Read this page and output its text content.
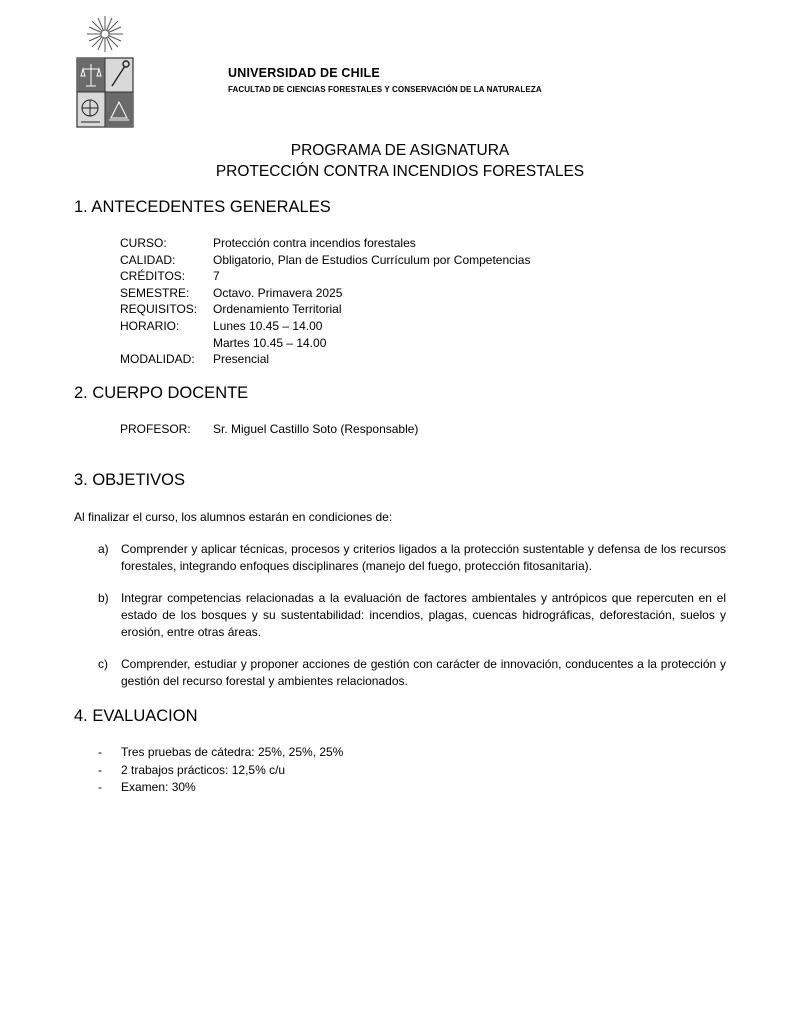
UNIVERSIDAD DE CHILE
FACULTAD DE CIENCIAS FORESTALES Y CONSERVACIÓN DE LA NATURALEZA
PROGRAMA DE ASIGNATURA
PROTECCIÓN CONTRA INCENDIOS FORESTALES
1. ANTECEDENTES GENERALES
CURSO:	Protección contra incendios forestales
CALIDAD:	Obligatorio, Plan de Estudios Currículum por Competencias
CRÉDITOS:	7
SEMESTRE:	Octavo. Primavera 2025
REQUISITOS:	Ordenamiento Territorial
HORARIO:	Lunes 10.45 – 14.00
	Martes 10.45 – 14.00
MODALIDAD:	Presencial
2. CUERPO DOCENTE
PROFESOR: Sr. Miguel Castillo Soto (Responsable)
3. OBJETIVOS
Al finalizar el curso, los alumnos estarán en condiciones de:
a) Comprender y aplicar técnicas, procesos y criterios ligados a la protección sustentable y defensa de los recursos forestales, integrando enfoques disciplinares (manejo del fuego, protección fitosanitaria).
b) Integrar competencias relacionadas a la evaluación de factores ambientales y antrópicos que repercuten en el estado de los bosques y su sustentabilidad: incendios, plagas, cuencas hidrográficas, deforestación, suelos y erosión, entre otras áreas.
c) Comprender, estudiar y proponer acciones de gestión con carácter de innovación, conducentes a la protección y gestión del recurso forestal y ambientes relacionados.
4. EVALUACION
- Tres pruebas de cátedra: 25%, 25%, 25%
- 2 trabajos prácticos: 12,5% c/u
- Examen: 30%
